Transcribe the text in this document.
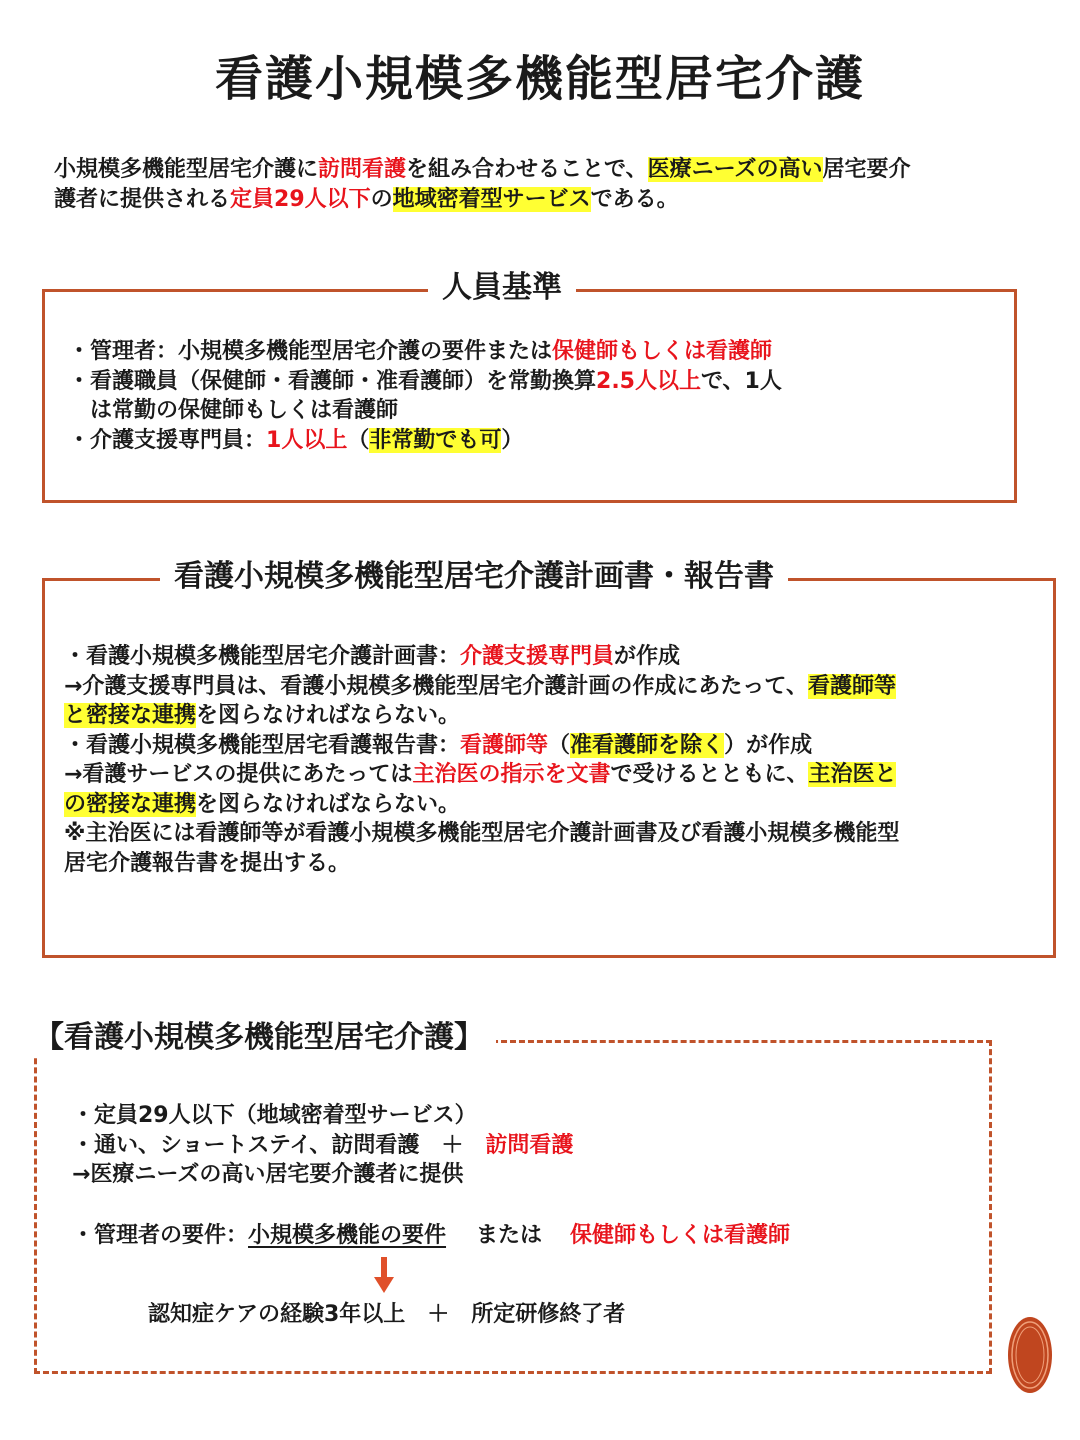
看護小規模多機能型居宅介護
小規模多機能型居宅介護に訪問看護を組み合わせることで、医療ニーズの高い居宅要介
護者に提供される定員29人以下の地域密着型サービスである。
人員基準
・管理者：小規模多機能型居宅介護の要件または保健師もしくは看護師
・看護職員（保健師・看護師・准看護師）を常勤換算2.5人以上で、1人
　は常勤の保健師もしくは看護師
・介護支援専門員：1人以上（非常勤でも可）
看護小規模多機能型居宅介護計画書・報告書
・看護小規模多機能型居宅介護計画書：介護支援専門員が作成
→介護支援専門員は、看護小規模多機能型居宅介護計画の作成にあたって、看護師等
と密接な連携を図らなければならない。
・看護小規模多機能型居宅看護報告書：看護師等（准看護師を除く）が作成
→看護サービスの提供にあたっては主治医の指示を文書で受けるとともに、主治医と
の密接な連携を図らなければならない。
※主治医には看護師等が看護小規模多機能型居宅介護計画書及び看護小規模多機能型
居宅介護報告書を提出する。
【看護小規模多機能型居宅介護】
・定員29人以下（地域密着型サービス）
・通い、ショートステイ、訪問看護　＋　訪問看護
→医療ニーズの高い居宅要介護者に提供
・管理者の要件：小規模多機能の要件 または 保健師もしくは看護師
認知症ケアの経験3年以上　＋　所定研修終了者
